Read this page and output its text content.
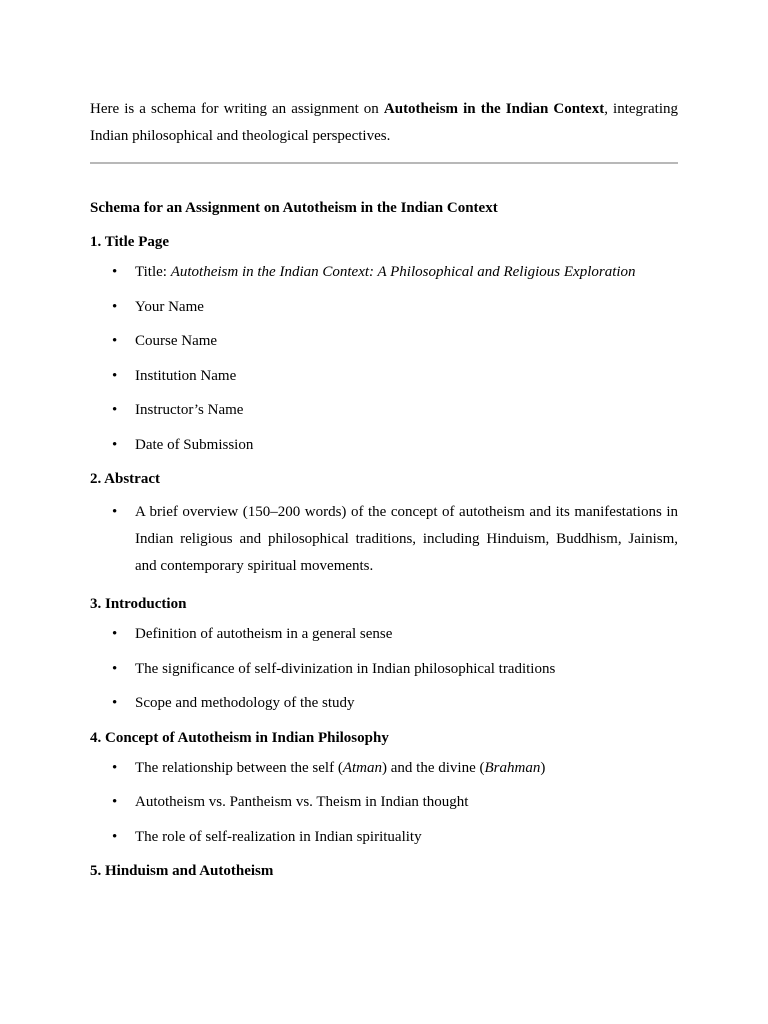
Here is a schema for writing an assignment on Autotheism in the Indian Context, integrating Indian philosophical and theological perspectives.

Schema for an Assignment on Autotheism in the Indian Context

1. Title Page

• Title: Autotheism in the Indian Context: A Philosophical and Religious Exploration
• Your Name
• Course Name
• Institution Name
• Instructor’s Name
• Date of Submission

2. Abstract

• A brief overview (150–200 words) of the concept of autotheism and its manifestations in Indian religious and philosophical traditions, including Hinduism, Buddhism, Jainism, and contemporary spiritual movements.

3. Introduction

• Definition of autotheism in a general sense
• The significance of self-divinization in Indian philosophical traditions
• Scope and methodology of the study

4. Concept of Autotheism in Indian Philosophy

• The relationship between the self (Atman) and the divine (Brahman)
• Autotheism vs. Pantheism vs. Theism in Indian thought
• The role of self-realization in Indian spirituality

5. Hinduism and Autotheism
